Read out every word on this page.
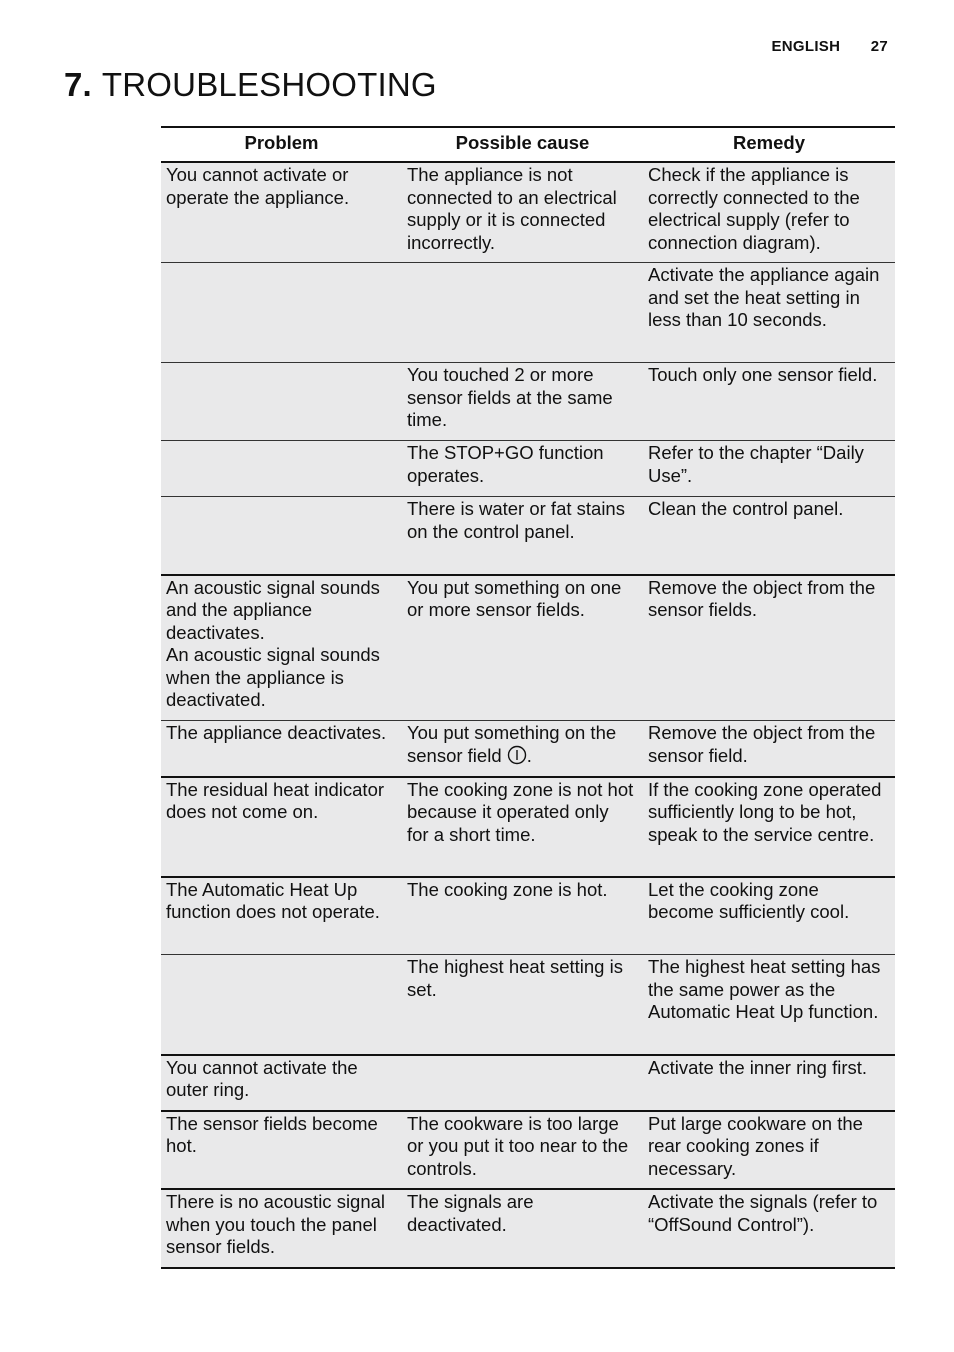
ENGLISH 27
7. TROUBLESHOOTING
Problem	Possible cause	Remedy
You cannot activate or operate the appliance.	The appliance is not connected to an electrical supply or it is connected incorrectly.	Check if the appliance is correctly connected to the electrical supply (refer to connection diagram).
		Activate the appliance again and set the heat setting in less than 10 seconds.
	You touched 2 or more sensor fields at the same time.	Touch only one sensor field.
	The STOP+GO function operates.	Refer to the chapter “Daily Use”.
	There is water or fat stains on the control panel.	Clean the control panel.
An acoustic signal sounds and the appliance deactivates.
An acoustic signal sounds when the appliance is deactivated.	You put something on one or more sensor fields.	Remove the object from the sensor fields.
The appliance deactivates.	You put something on the sensor field .	Remove the object from the sensor field.
The residual heat indicator does not come on.	The cooking zone is not hot because it operated only for a short time.	If the cooking zone operated sufficiently long to be hot, speak to the service centre.
The Automatic Heat Up function does not operate.	The cooking zone is hot.	Let the cooking zone become sufficiently cool.
	The highest heat setting is set.	The highest heat setting has the same power as the Automatic Heat Up function.
You cannot activate the outer ring.		Activate the inner ring first.
The sensor fields become hot.	The cookware is too large or you put it too near to the controls.	Put large cookware on the rear cooking zones if necessary.
There is no acoustic signal when you touch the panel sensor fields.	The signals are deactivated.	Activate the signals (refer to “OffSound Control”).
